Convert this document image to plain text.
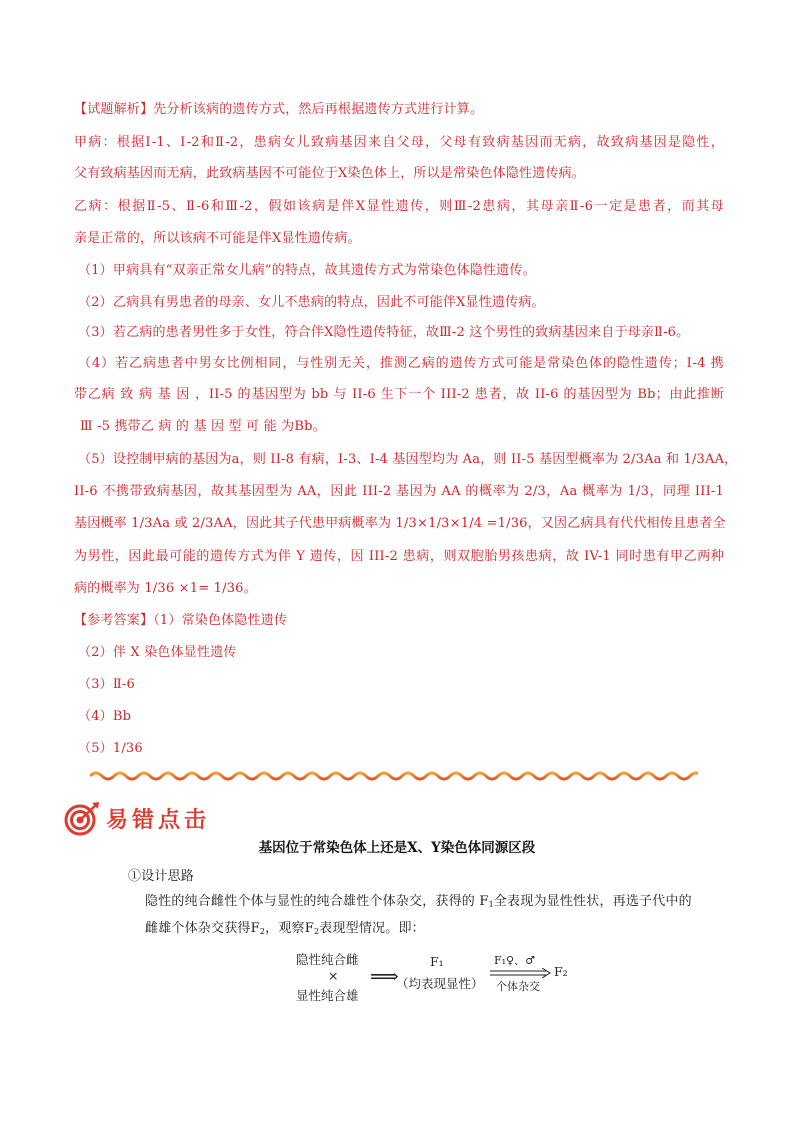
【试题解析】先分析该病的遗传方式，然后再根据遗传方式进行计算。
甲病：根据Ⅰ-1、Ⅰ-2和Ⅱ-2，患病女儿致病基因来自父母，父母有致病基因而无病，故致病基因是隐性，
父有致病基因而无病，此致病基因不可能位于X染色体上，所以是常染色体隐性遗传病。
乙病：根据Ⅱ-5、Ⅱ-6和Ⅲ-2，假如该病是伴X显性遗传，则Ⅲ-2患病，其母亲Ⅱ-6一定是患者，而其母
亲是正常的，所以该病不可能是伴X显性遗传病。
（1）甲病具有“双亲正常女儿病”的特点，故其遗传方式为常染色体隐性遗传。
（2）乙病具有男患者的母亲、女儿不患病的特点，因此不可能伴X显性遗传病。
（3）若乙病的患者男性多于女性，符合伴X隐性遗传特征，故Ⅲ-2 这个男性的致病基因来自于母亲Ⅱ-6。
（4）若乙病患者中男女比例相同，与性别无关，推测乙病的遗传方式可能是常染色体的隐性遗传；Ⅰ-4 携
带乙病 致 病 基 因 ，II-5 的基因型为 bb 与 II-6 生下一个 III-2 患者，故 II-6 的基因型为 Bb；由此推断
Ⅲ -5 携带乙 病 的 基 因 型 可 能 为Bb。
（5）设控制甲病的基因为a，则 II-8 有病，I-3、I-4 基因型均为 Aa，则 II-5 基因型概率为 2/3Aa 和 1/3AA，
II-6 不携带致病基因，故其基因型为 AA，因此 III-2 基因为 AA 的概率为 2/3，Aa 概率为 1/3，同理 III-1
基因概率 1/3Aa 或 2/3AA，因此其子代患甲病概率为 1/3×1/3×1/4 =1/36，又因乙病具有代代相传且患者全
为男性，因此最可能的遗传方式为伴 Y 遗传，因 III-2 患病，则双胞胎男孩患病，故 IV-1 同时患有甲乙两种
病的概率为 1/36 ×1= 1/36。
【参考答案】（1）常染色体隐性遗传
（2）伴 X 染色体显性遗传
（3）Ⅱ-6
（4）Bb
（5）1/36
易错点击
基因位于常染色体上还是X、Y染色体同源区段
①设计思路
隐性的纯合雌性个体与显性的纯合雄性个体杂交，获得的 $F_1$全表现为显性性状，再选子代中的
雌雄个体杂交获得$F_2$，观察$F_2$表现型情况。即：
隐性纯合雌
×
显性纯合雄
⟹
F₁
（均表现显性）
F₁♀、♂
个体杂交
F₂
